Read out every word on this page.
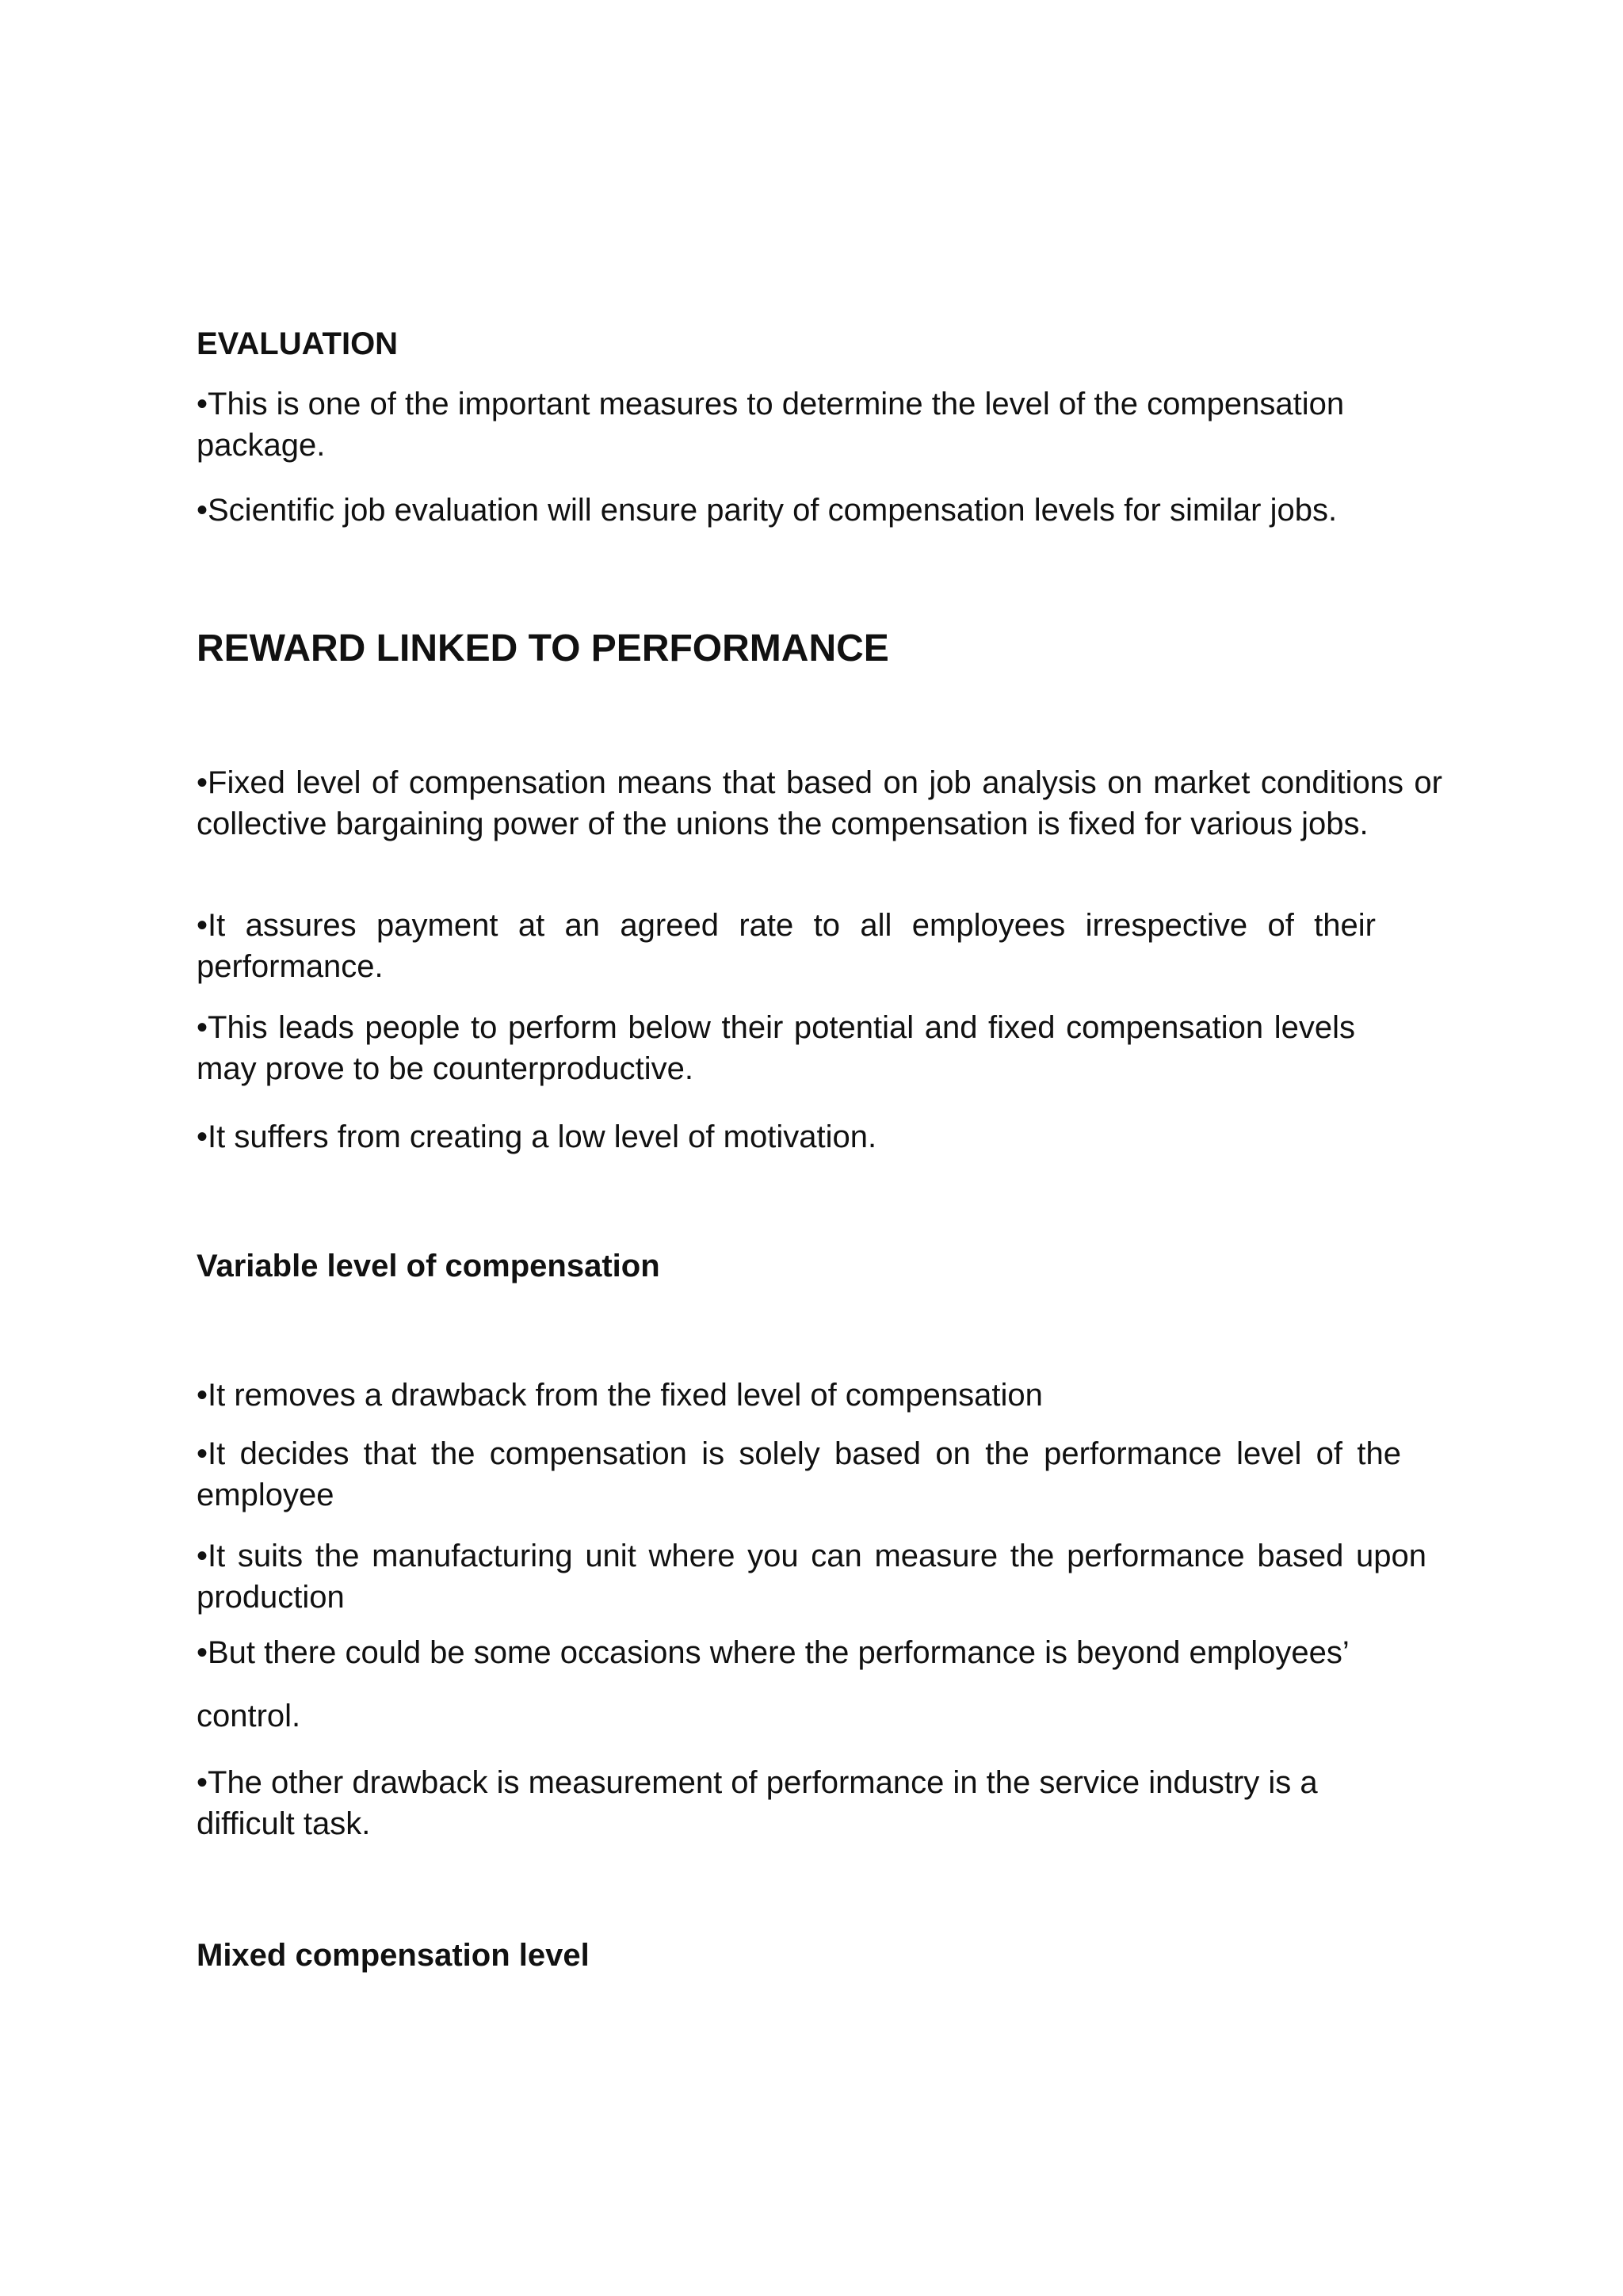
EVALUATION

•This is one of the important measures to determine the level of the compensation package.

•Scientific job evaluation will ensure parity of compensation levels for similar jobs.

REWARD LINKED TO PERFORMANCE

•Fixed level of compensation means that based on job analysis on market conditions or collective bargaining power of the unions the compensation is fixed for various jobs.

•It assures payment at an agreed rate to all employees irrespective of their performance.

•This leads people to perform below their potential and fixed compensation levels may prove to be counterproductive.

•It suffers from creating a low level of motivation.

Variable level of compensation

•It removes a drawback from the fixed level of compensation

•It decides that the compensation is solely based on the performance level of the employee

•It suits the manufacturing unit where you can measure the performance based upon production

•But there could be some occasions where the performance is beyond employees’

control.

•The other drawback is measurement of performance in the service industry is a difficult task.

Mixed compensation level
